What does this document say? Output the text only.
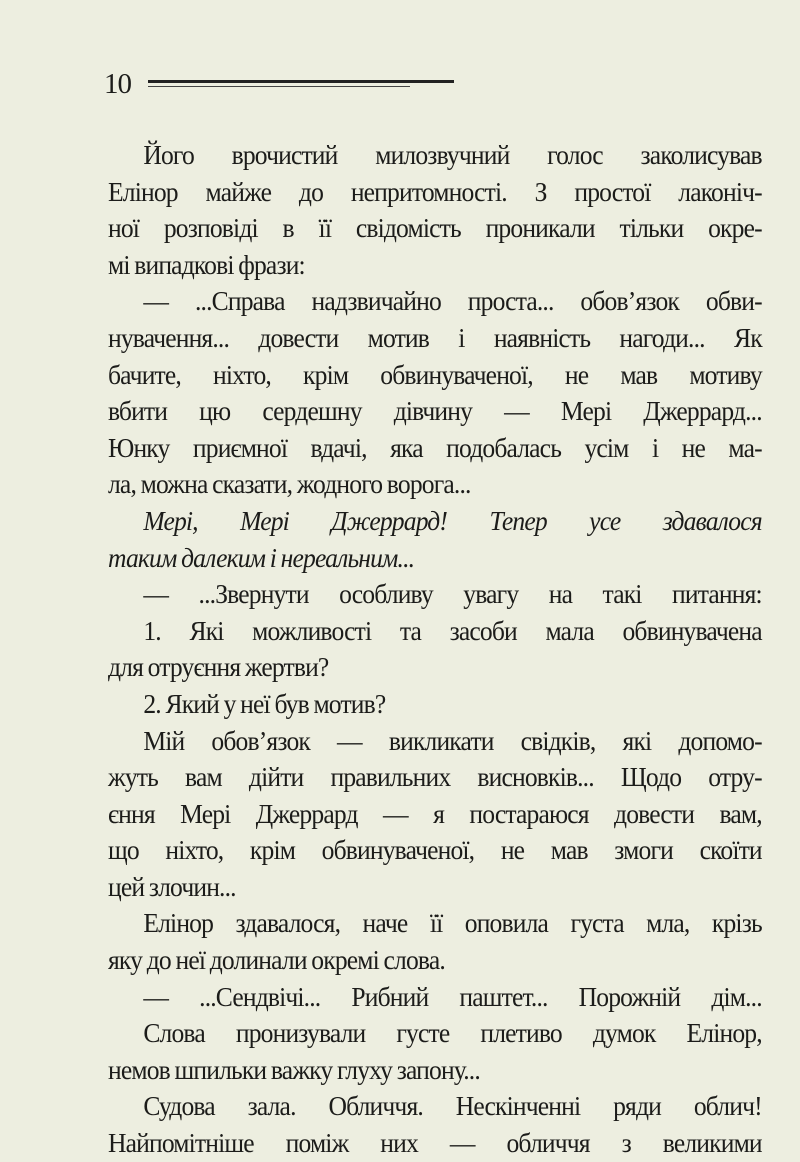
10
Його врочистий милозвучний голос заколисував
Елінор майже до непритомності. З простої лаконіч-
ної розповіді в її свідомість проникали тільки окре-
мі випадкові фрази:
— ...Справа надзвичайно проста... обов’язок обви-
нувачення... довести мотив і наявність нагоди... Як
бачите, ніхто, крім обвинуваченої, не мав мотиву
вбити цю сердешну дівчину — Мері Джеррард...
Юнку приємної вдачі, яка подобалась усім і не ма-
ла, можна сказати, жодного ворога...
Мері, Мері Джеррард! Тепер усе здавалося
таким далеким і нереальним...
— ...Звернути особливу увагу на такі питання:
1. Які можливості та засоби мала обвинувачена
для отруєння жертви?
2. Який у неї був мотив?
Мій обов’язок — викликати свідків, які допомо-
жуть вам дійти правильних висновків... Щодо отру-
єння Мері Джеррард — я постараюся довести вам,
що ніхто, крім обвинуваченої, не мав змоги скоїти
цей злочин...
Елінор здавалося, наче її оповила густа мла, крізь
яку до неї долинали окремі слова.
— ...Сендвічі... Рибний паштет... Порожній дім...
Слова пронизували густе плетиво думок Елінор,
немов шпильки важку глуху запону...
Судова зала. Обличчя. Нескінченні ряди облич!
Найпомітніше поміж них — обличчя з великими
